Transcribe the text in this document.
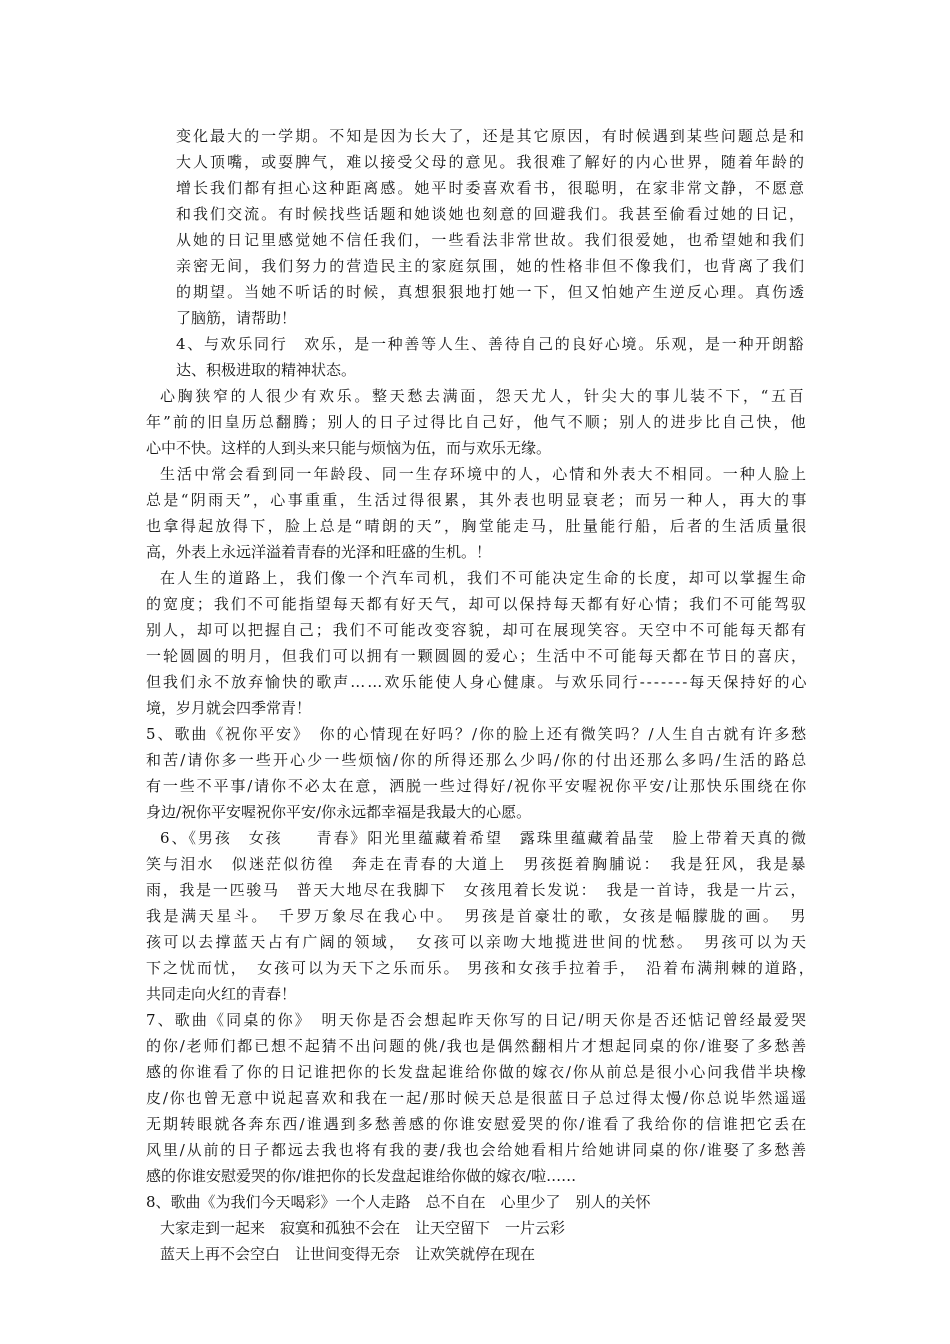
变化最大的一学期。不知是因为长大了，还是其它原因，有时候遇到某些问题总是和
大人顶嘴，或耍脾气，难以接受父母的意见。我很难了解好的内心世界，随着年龄的
增长我们都有担心这种距离感。她平时委喜欢看书，很聪明，在家非常文静，不愿意
和我们交流。有时候找些话题和她谈她也刻意的回避我们。我甚至偷看过她的日记，
从她的日记里感觉她不信任我们，一些看法非常世故。我们很爱她，也希望她和我们
亲密无间，我们努力的营造民主的家庭氛围，她的性格非但不像我们，也背离了我们
的期望。当她不听话的时候，真想狠狠地打她一下，但又怕她产生逆反心理。真伤透
了脑筋，请帮助！
4、与欢乐同行　欢乐，是一种善等人生、善待自己的良好心境。乐观，是一种开朗豁
达、积极进取的精神状态。
心胸狭窄的人很少有欢乐。整天愁去满面，怨天尤人，针尖大的事儿装不下，“五百
年”前的旧皇历总翻腾；别人的日子过得比自己好，他气不顺；别人的进步比自己快，他
心中不快。这样的人到头来只能与烦恼为伍，而与欢乐无缘。
生活中常会看到同一年龄段、同一生存环境中的人，心情和外表大不相同。一种人脸上
总是“阴雨天”，心事重重，生活过得很累，其外表也明显衰老；而另一种人，再大的事
也拿得起放得下，脸上总是“晴朗的天”，胸堂能走马，肚量能行船，后者的生活质量很
高，外表上永远洋溢着青春的光泽和旺盛的生机。！
在人生的道路上，我们像一个汽车司机，我们不可能决定生命的长度，却可以掌握生命
的宽度；我们不可能指望每天都有好天气，却可以保持每天都有好心情；我们不可能驾驭
别人，却可以把握自己；我们不可能改变容貌，却可在展现笑容。天空中不可能每天都有
一轮圆圆的明月，但我们可以拥有一颗圆圆的爱心；生活中不可能每天都在节日的喜庆，
但我们永不放弃愉快的歌声……欢乐能使人身心健康。与欢乐同行-------每天保持好的心
境，岁月就会四季常青！
5、歌曲《祝你平安》　你的心情现在好吗？/你的脸上还有微笑吗？/人生自古就有许多愁
和苦/请你多一些开心少一些烦恼/你的所得还那么少吗/你的付出还那么多吗/生活的路总
有一些不平事/请你不必太在意，洒脱一些过得好/祝你平安喔祝你平安/让那快乐围绕在你
身边/祝你平安喔祝你平安/你永远都幸福是我最大的心愿。
6、《男孩　女孩　　青春》阳光里蕴藏着希望　露珠里蕴藏着晶莹　脸上带着天真的微
笑与泪水　似迷茫似彷徨　奔走在青春的大道上　男孩挺着胸脯说：　我是狂风，我是暴
雨，我是一匹骏马　普天大地尽在我脚下　女孩甩着长发说：　我是一首诗，我是一片云，
我是满天星斗。　千罗万象尽在我心中。　男孩是首豪壮的歌，女孩是幅朦胧的画。　男
孩可以去撑蓝天占有广阔的领域，　女孩可以亲吻大地揽进世间的忧愁。　男孩可以为天
下之忧而忧，　女孩可以为天下之乐而乐。 男孩和女孩手拉着手，　沿着布满荆棘的道路，
共同走向火红的青春！
7、歌曲《同桌的你》　明天你是否会想起昨天你写的日记/明天你是否还惦记曾经最爱哭
的你/老师们都已想不起猜不出问题的佻/我也是偶然翻相片才想起同桌的你/谁娶了多愁善
感的你谁看了你的日记谁把你的长发盘起谁给你做的嫁衣/你从前总是很小心问我借半块橡
皮/你也曾无意中说起喜欢和我在一起/那时候天总是很蓝日子总过得太慢/你总说毕然遥遥
无期转眼就各奔东西/谁遇到多愁善感的你谁安慰爱哭的你/谁看了我给你的信谁把它丢在
风里/从前的日子都远去我也将有我的妻/我也会给她看相片给她讲同桌的你/谁娶了多愁善
感的你谁安慰爱哭的你/谁把你的长发盘起谁给你做的嫁衣/啦……
8、歌曲《为我们今天喝彩》一个人走路　总不自在　心里少了　别人的关怀
大家走到一起来　寂寞和孤独不会在　让天空留下　一片云彩
蓝天上再不会空白　让世间变得无奈　让欢笑就停在现在
